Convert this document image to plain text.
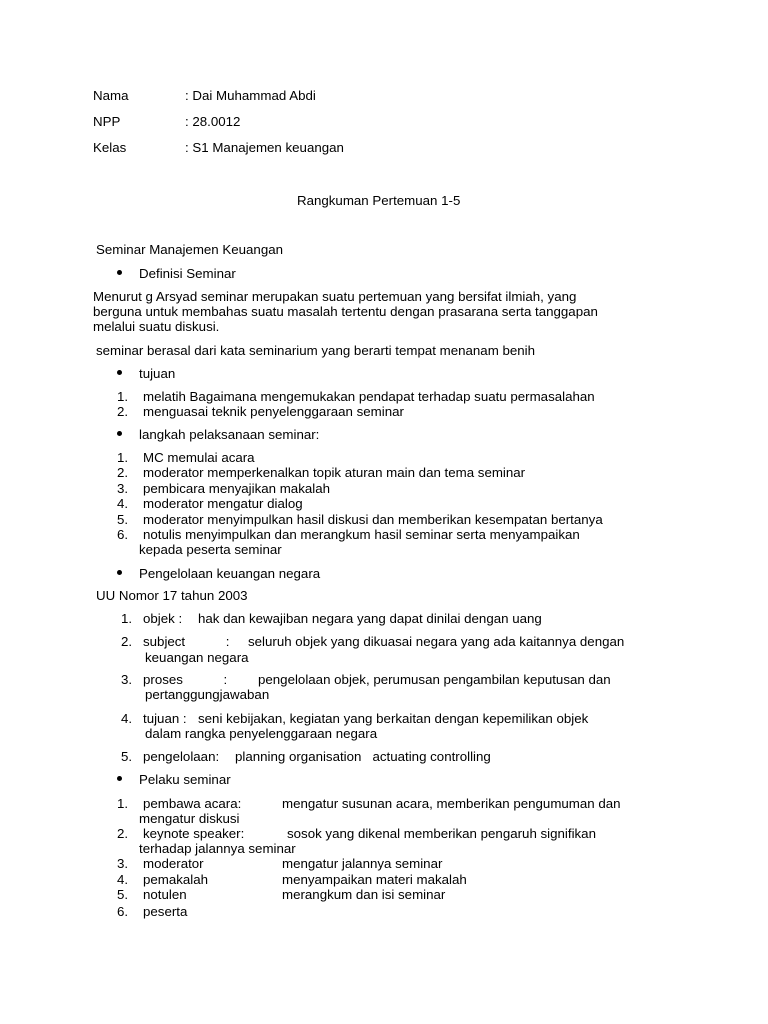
Nama	: Dai Muhammad Abdi
NPP	: 28.0012
Kelas	: S1 Manajemen keuangan
Rangkuman Pertemuan 1-5
Seminar Manajemen Keuangan
Definisi Seminar
Menurut g Arsyad seminar merupakan suatu pertemuan yang bersifat ilmiah, yang
berguna untuk membahas suatu masalah tertentu dengan prasarana serta tanggapan
melalui suatu diskusi.
seminar berasal dari kata seminarium yang berarti tempat menanam benih
tujuan
1. melatih Bagaimana mengemukakan pendapat terhadap suatu permasalahan
2. menguasai teknik penyelenggaraan seminar
langkah pelaksanaan seminar:
1. MC memulai acara
2. moderator memperkenalkan topik aturan main dan tema seminar
3. pembicara menyajikan makalah
4. moderator mengatur dialog
5. moderator menyimpulkan hasil diskusi dan memberikan kesempatan bertanya
6. notulis menyimpulkan dan merangkum hasil seminar serta menyampaikan
kepada peserta seminar
Pengelolaan keuangan negara
UU Nomor 17 tahun 2003
1. objek : hak dan kewajiban negara yang dapat dinilai dengan uang
2. subject           : seluruh objek yang dikuasai negara yang ada kaitannya dengan
keuangan negara
3. proses           : pengelolaan objek, perumusan pengambilan keputusan dan
pertanggungjawaban
4. tujuan : seni kebijakan, kegiatan yang berkaitan dengan kepemilikan objek
dalam rangka penyelenggaraan negara
5. pengelolaan: planning organisation   actuating controlling
Pelaku seminar
1. pembawa acara:	mengatur susunan acara, memberikan pengumuman dan
mengatur diskusi
2. keynote speaker:	sosok yang dikenal memberikan pengaruh signifikan
terhadap jalannya seminar
3. moderator	mengatur jalannya seminar
4. pemakalah	menyampaikan materi makalah
5. notulen	merangkum dan isi seminar
6. peserta
